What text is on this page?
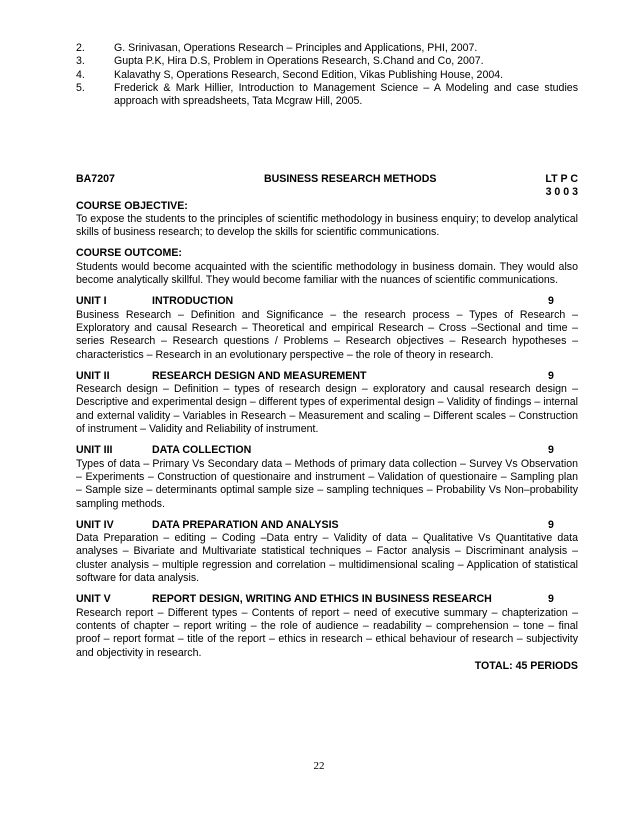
2.	G. Srinivasan, Operations Research – Principles and Applications, PHI, 2007.
3.	Gupta P.K, Hira D.S, Problem in Operations Research, S.Chand and Co, 2007.
4.	Kalavathy S, Operations Research, Second Edition, Vikas Publishing House, 2004.
5.	Frederick & Mark Hillier, Introduction to Management Science – A Modeling and case studies approach with spreadsheets, Tata Mcgraw Hill, 2005.
BA7207	BUSINESS RESEARCH METHODS	LT P C
3 0 0 3
COURSE OBJECTIVE:
To expose the students to the principles of scientific methodology in business enquiry; to develop analytical skills of business research; to develop the skills for scientific communications.
COURSE OUTCOME:
Students would become acquainted with the scientific methodology in business domain. They would also become analytically skillful. They would become familiar with the nuances of scientific communications.
UNIT I	INTRODUCTION	9
Business Research – Definition and Significance – the research process – Types of Research – Exploratory and causal Research – Theoretical and empirical Research – Cross –Sectional and time – series Research – Research questions / Problems – Research objectives – Research hypotheses – characteristics – Research in an evolutionary perspective – the role of theory in research.
UNIT II	RESEARCH DESIGN AND MEASUREMENT	9
Research design – Definition – types of research design – exploratory and causal research design – Descriptive and experimental design – different types of experimental design – Validity of findings – internal and external validity – Variables in Research – Measurement and scaling – Different scales – Construction of instrument – Validity and Reliability of instrument.
UNIT III	DATA COLLECTION	9
Types of data – Primary Vs Secondary data – Methods of primary data collection – Survey Vs Observation – Experiments – Construction of questionaire and instrument – Validation of questionaire – Sampling plan – Sample size – determinants optimal sample size – sampling techniques – Probability Vs Non–probability sampling methods.
UNIT IV	DATA PREPARATION AND ANALYSIS	9
Data Preparation – editing – Coding –Data entry – Validity of data – Qualitative Vs Quantitative data analyses – Bivariate and Multivariate statistical techniques – Factor analysis – Discriminant analysis – cluster analysis – multiple regression and correlation – multidimensional scaling – Application of statistical software for data analysis.
UNIT V	REPORT DESIGN, WRITING AND ETHICS IN BUSINESS RESEARCH	9
Research report – Different types – Contents of report – need of executive summary – chapterization – contents of chapter – report writing – the role of audience – readability – comprehension – tone – final proof – report format – title of the report – ethics in research – ethical behaviour of research – subjectivity and objectivity in research.
TOTAL: 45 PERIODS
22
